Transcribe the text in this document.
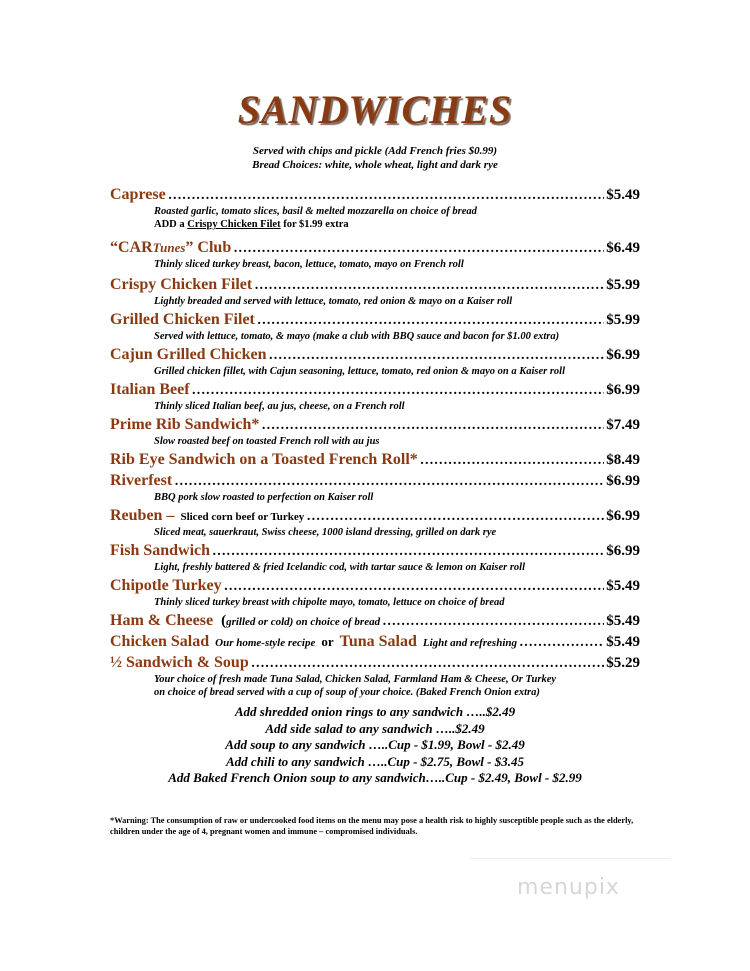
SANDWICHES
Served with chips and pickle (Add French fries $0.99)
Bread Choices: white, whole wheat, light and dark rye
Caprese ………………………………………………………………………………………………………………	$5.49
Roasted garlic, tomato slices, basil & melted mozzarella on choice of bread
ADD a Crispy Chicken Filet for $1.99 extra
“CARTunes” Club ………………………………………………………………………………………………………………	$6.49
Thinly sliced turkey breast, bacon, lettuce, tomato, mayo on French roll
Crispy Chicken Filet ………………………………………………………………………………………………………………	$5.99
Lightly breaded and served with lettuce, tomato, red onion & mayo on a Kaiser roll
Grilled Chicken Filet ………………………………………………………………………………………………………………	$5.99
Served with lettuce, tomato, & mayo (make a club with BBQ sauce and bacon for $1.00 extra)
Cajun Grilled Chicken ………………………………………………………………………………………………………………	$6.99
Grilled chicken fillet, with Cajun seasoning, lettuce, tomato, red onion & mayo on a Kaiser roll
Italian Beef ………………………………………………………………………………………………………………	$6.99
Thinly sliced Italian beef, au jus, cheese, on a French roll
Prime Rib Sandwich* ………………………………………………………………………………………………………………	$7.49
Slow roasted beef on toasted French roll with au jus
Rib Eye Sandwich on a Toasted French Roll* ………………………………………………………………………………………………………………	$8.49
Riverfest ………………………………………………………………………………………………………………	$6.99
BBQ pork slow roasted to perfection on Kaiser roll
Reuben – Sliced corn beef or Turkey ………………………………………………………………………………………………………………	$6.99
Sliced meat, sauerkraut, Swiss cheese, 1000 island dressing, grilled on dark rye
Fish Sandwich ………………………………………………………………………………………………………………	$6.99
Light, freshly battered & fried Icelandic cod, with tartar sauce & lemon on Kaiser roll
Chipotle Turkey ………………………………………………………………………………………………………………	$5.49
Thinly sliced turkey breast with chipolte mayo, tomato, lettuce on choice of bread
Ham & Cheese ( grilled or cold) on choice of bread ………………………………………………………………………………………………………………	$5.49
Chicken Salad Our home-style recipe or Tuna Salad Light and refreshing ………………………………………………………………………………………………………………	$5.49
½ Sandwich & Soup ………………………………………………………………………………………………………………	$5.29
Your choice of fresh made Tuna Salad, Chicken Salad, Farmland Ham & Cheese, Or Turkey
on choice of bread served with a cup of soup of your choice. (Baked French Onion extra)
Add shredded onion rings to any sandwich …..$2.49
Add side salad to any sandwich …..$2.49
Add soup to any sandwich …..Cup - $1.99, Bowl - $2.49
Add chili to any sandwich …..Cup - $2.75, Bowl - $3.45
Add Baked French Onion soup to any sandwich…..Cup - $2.49, Bowl - $2.99
*Warning: The consumption of raw or undercooked food items on the menu may pose a health risk to highly susceptible people such as the elderly, children under the age of 4, pregnant women and immune – compromised individuals.
menupix
